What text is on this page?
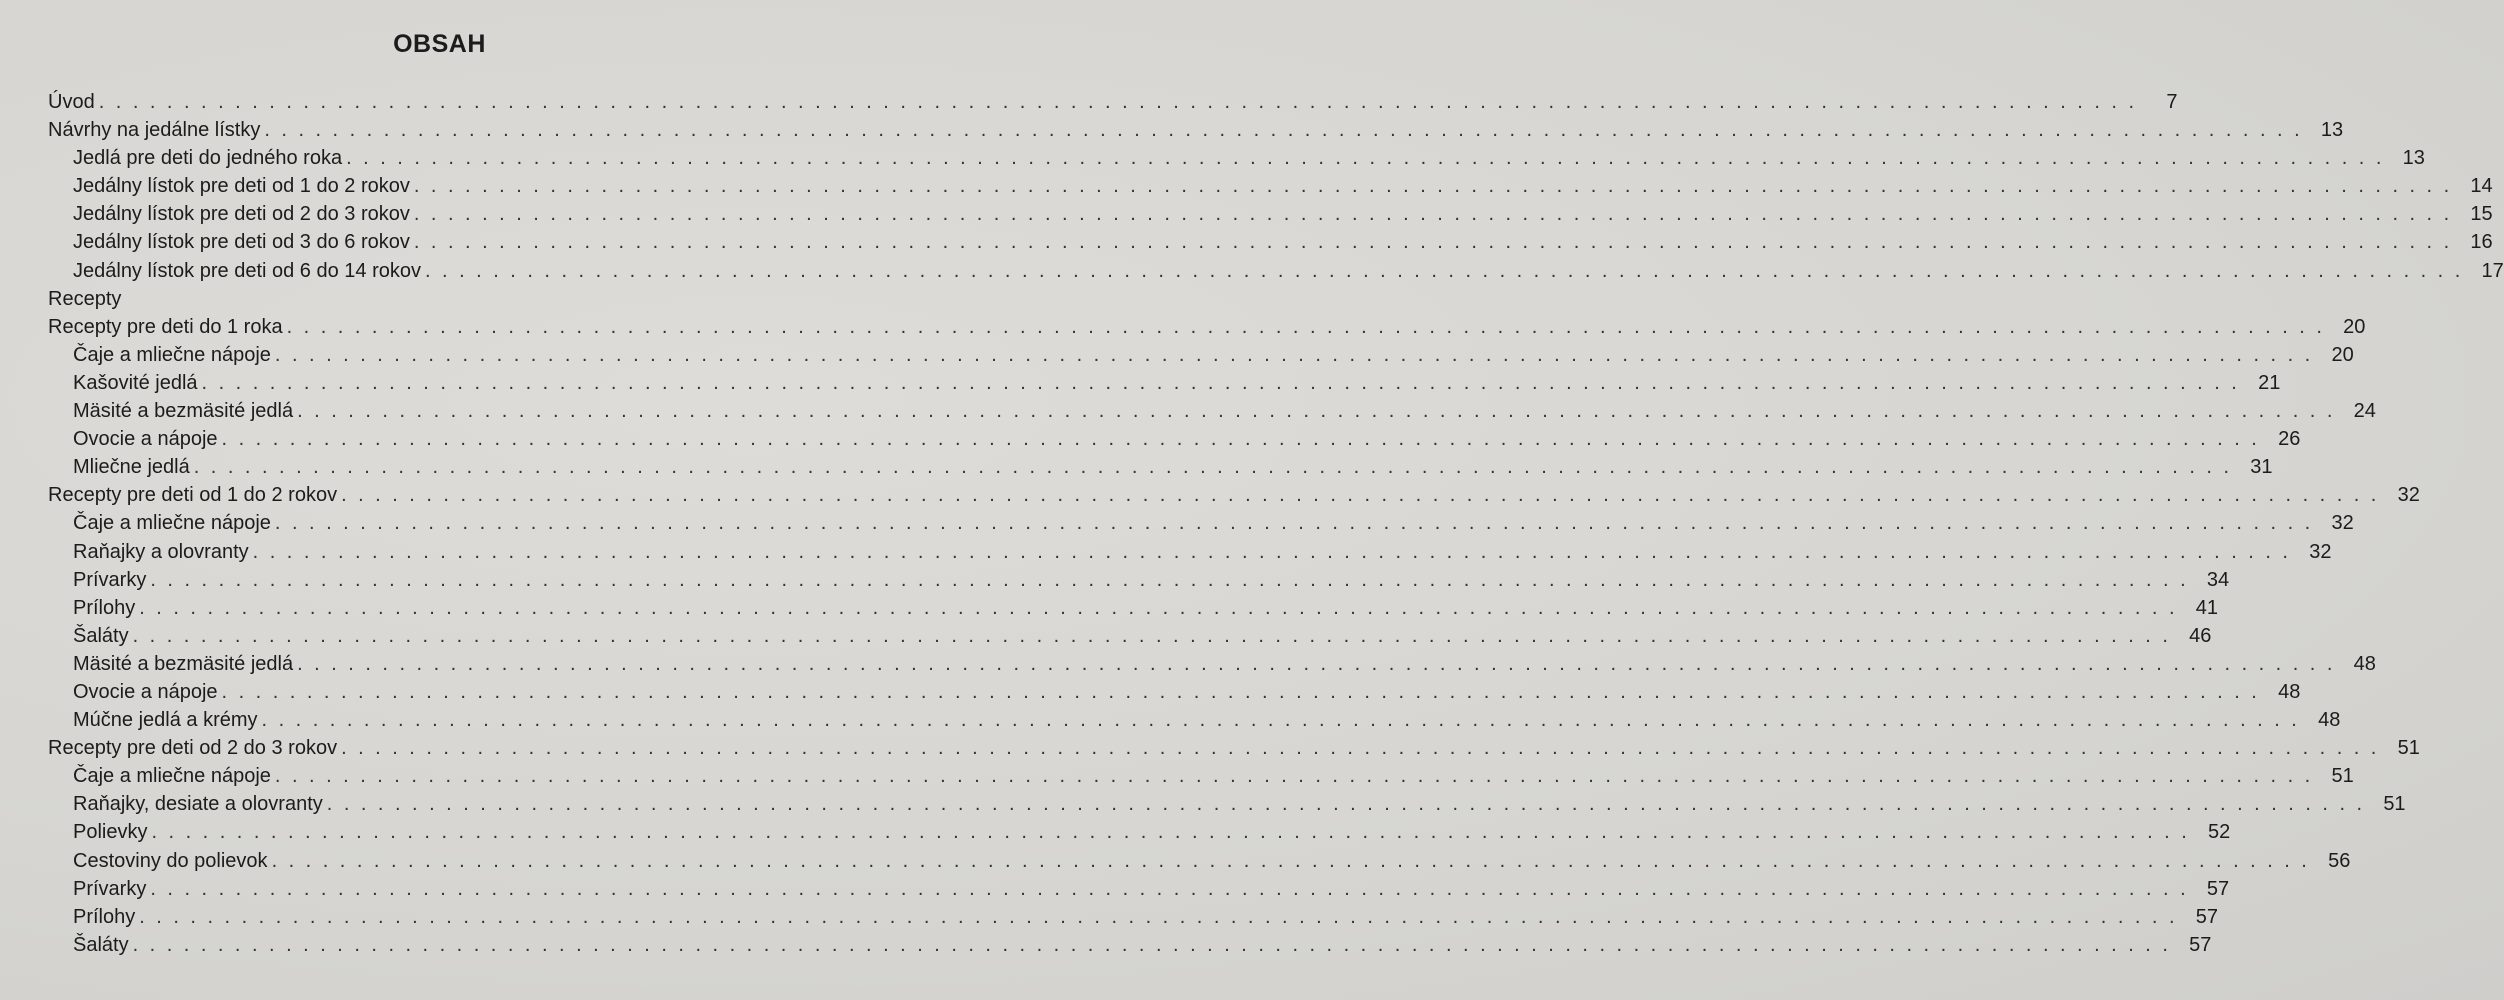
OBSAH
Úvod ........................................................................................................................	7
Návrhy na jedálne lístky ........................................................................................................................ 13
Jedlá pre deti do jedného roka ........................................................................................................................ 13
Jedálny lístok pre deti od 1 do 2 rokov ........................................................................................................................ 14
Jedálny lístok pre deti od 2 do 3 rokov ........................................................................................................................ 15
Jedálny lístok pre deti od 3 do 6 rokov ........................................................................................................................ 16
Jedálny lístok pre deti od 6 do 14 rokov ........................................................................................................................ 17
Recepty
Recepty pre deti do 1 roka ........................................................................................................................ 20
Čaje a mliečne nápoje ........................................................................................................................ 20
Kašovité jedlá ........................................................................................................................ 21
Mäsité a bezmäsité jedlá ........................................................................................................................ 24
Ovocie a nápoje ........................................................................................................................ 26
Mliečne jedlá ........................................................................................................................ 31
Recepty pre deti od 1 do 2 rokov ........................................................................................................................ 32
Čaje a mliečne nápoje ........................................................................................................................ 32
Raňajky a olovranty ........................................................................................................................ 32
Prívarky ........................................................................................................................ 34
Prílohy ........................................................................................................................ 41
Šaláty ........................................................................................................................ 46
Mäsité a bezmäsité jedlá ........................................................................................................................ 48
Ovocie a nápoje ........................................................................................................................ 48
Múčne jedlá a krémy ........................................................................................................................ 48
Recepty pre deti od 2 do 3 rokov ........................................................................................................................ 51
Čaje a mliečne nápoje ........................................................................................................................ 51
Raňajky, desiate a olovranty ........................................................................................................................ 51
Polievky ........................................................................................................................ 52
Cestoviny do polievok ........................................................................................................................ 56
Prívarky ........................................................................................................................ 57
Prílohy ........................................................................................................................ 57
Šaláty ........................................................................................................................ 57
